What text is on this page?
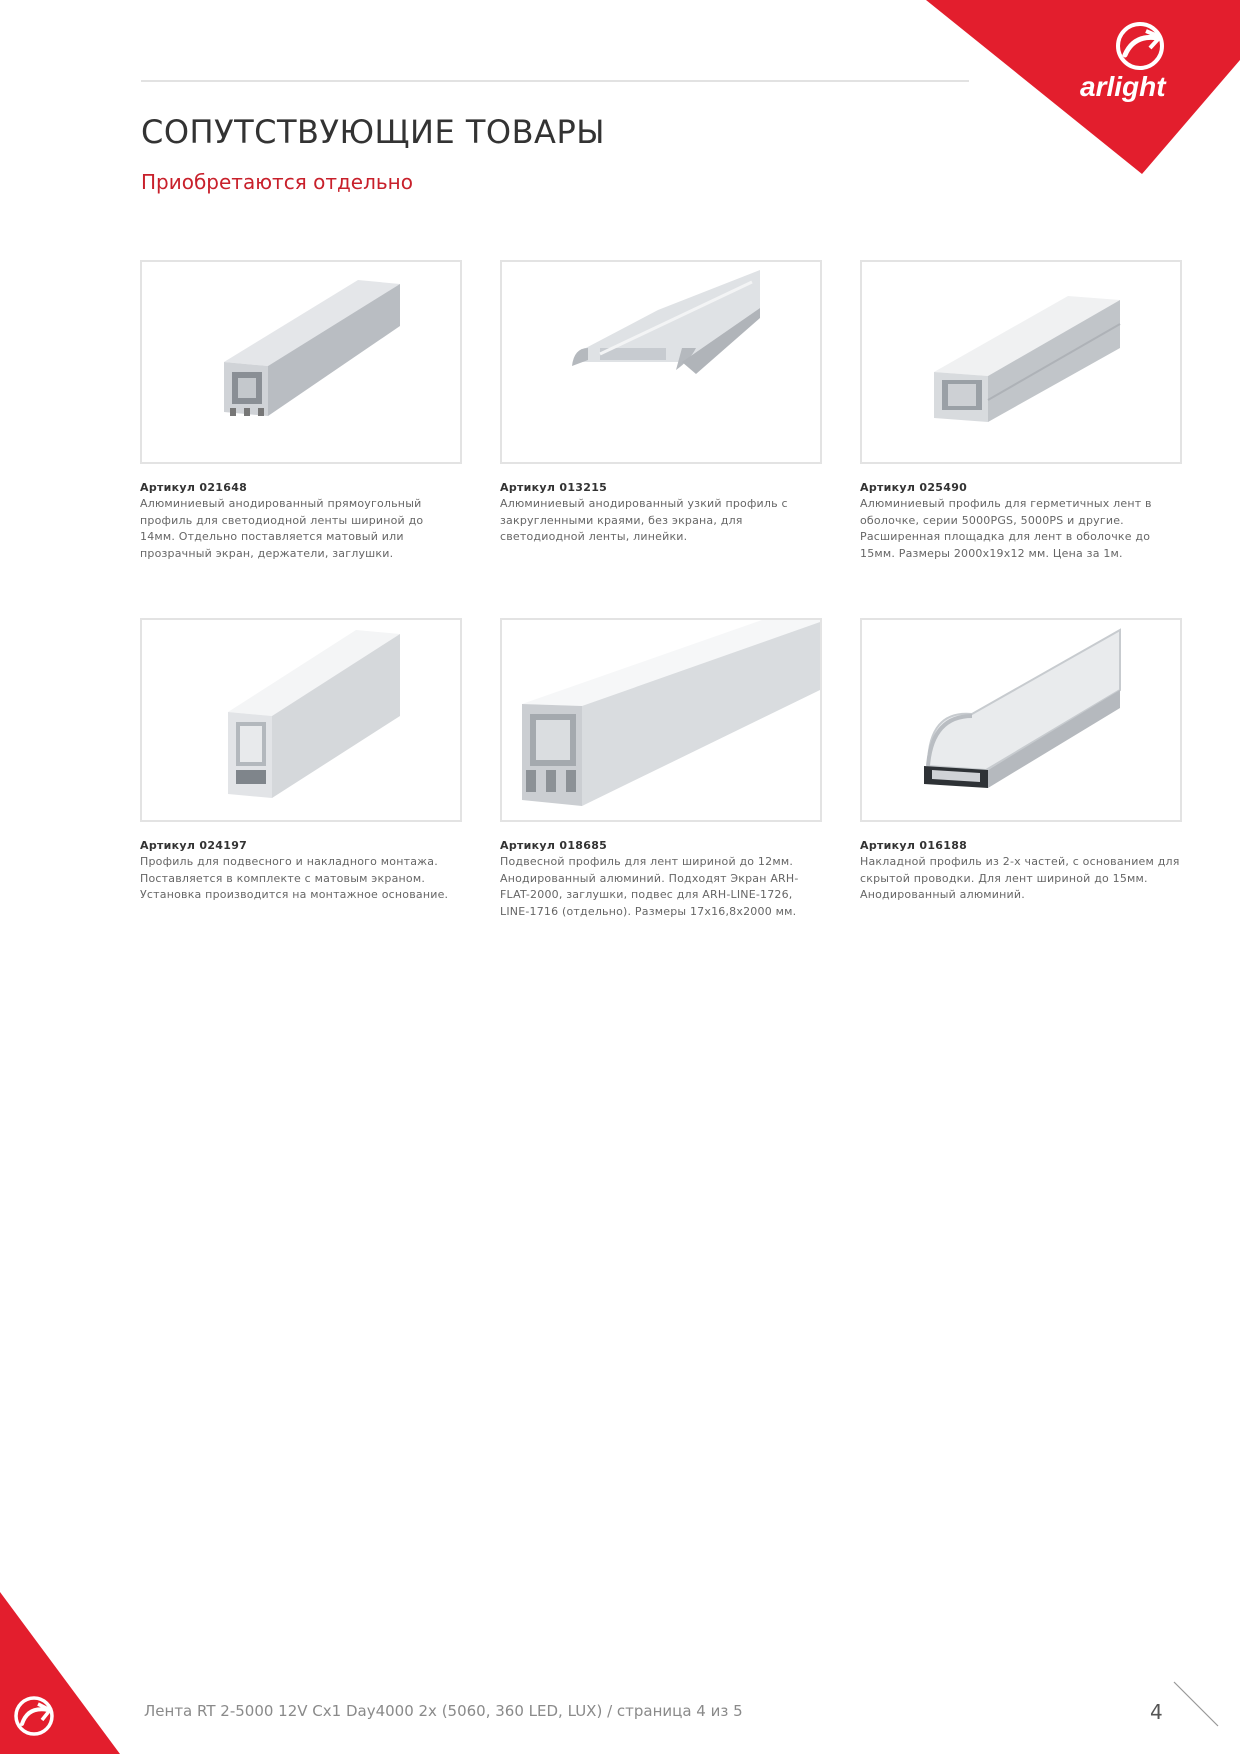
arlight
СОПУТСТВУЮЩИЕ ТОВАРЫ
Приобретаются отдельно
Артикул 021648
Алюминиевый анодированный прямоугольный профиль для светодиодной ленты шириной до 14мм. Отдельно поставляется матовый или прозрачный экран, держатели, заглушки.
Артикул 013215
Алюминиевый анодированный узкий профиль с закругленными краями, без экрана, для светодиодной ленты, линейки.
Артикул 025490
Алюминиевый профиль для герметичных лент в оболочке, серии 5000PGS, 5000PS и другие. Расширенная площадка для лент в оболочке до 15мм. Размеры 2000x19x12 мм. Цена за 1м.
Артикул 024197
Профиль для подвесного и накладного монтажа. Поставляется в комплекте с матовым экраном. Установка производится на монтажное основание.
Артикул 018685
Подвесной профиль для лент шириной до 12мм. Анодированный алюминий. Подходят Экран ARH-FLAT-2000, заглушки, подвес для ARH-LINE-1726, LINE-1716 (отдельно). Размеры 17x16,8x2000 мм.
Артикул 016188
Накладной профиль из 2-х частей, с основанием для скрытой проводки. Для лент шириной до 15мм. Анодированный алюминий.
Лента RT 2-5000 12V Cx1 Day4000 2x (5060, 360 LED, LUX) / страница 4 из 5	4
